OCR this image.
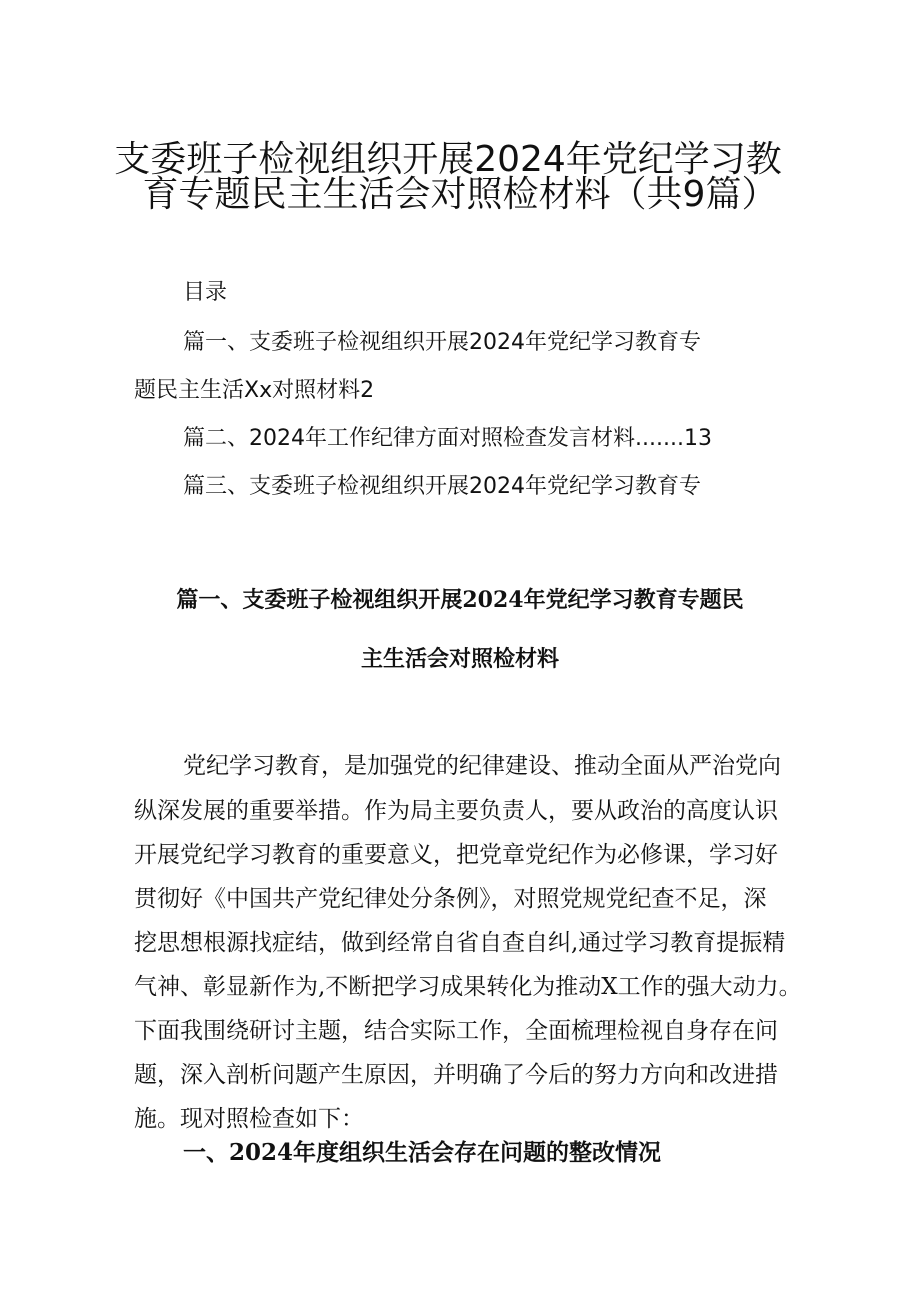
支委班子检视组织开展2024年党纪学习教
育专题民主生活会对照检材料（共9篇）
目录
篇一、支委班子检视组织开展2024年党纪学习教育专
题民主生活Xx对照材料2
篇二、2024年工作纪律方面对照检查发言材料.......13
篇三、支委班子检视组织开展2024年党纪学习教育专
篇一、支委班子检视组织开展2024年党纪学习教育专题民
主生活会对照检材料
党纪学习教育，是加强党的纪律建设、推动全面从严治党向
纵深发展的重要举措。作为局主要负责人，要从政治的高度认识
开展党纪学习教育的重要意义，把党章党纪作为必修课，学习好
贯彻好《中国共产党纪律处分条例》，对照党规党纪查不足，深
挖思想根源找症结，做到经常自省自查自纠,通过学习教育提振精
气神、彰显新作为,不断把学习成果转化为推动X工作的强大动力。
下面我围绕研讨主题，结合实际工作，全面梳理检视自身存在问
题，深入剖析问题产生原因，并明确了今后的努力方向和改进措
施。现对照检查如下：
一、2024年度组织生活会存在问题的整改情况
